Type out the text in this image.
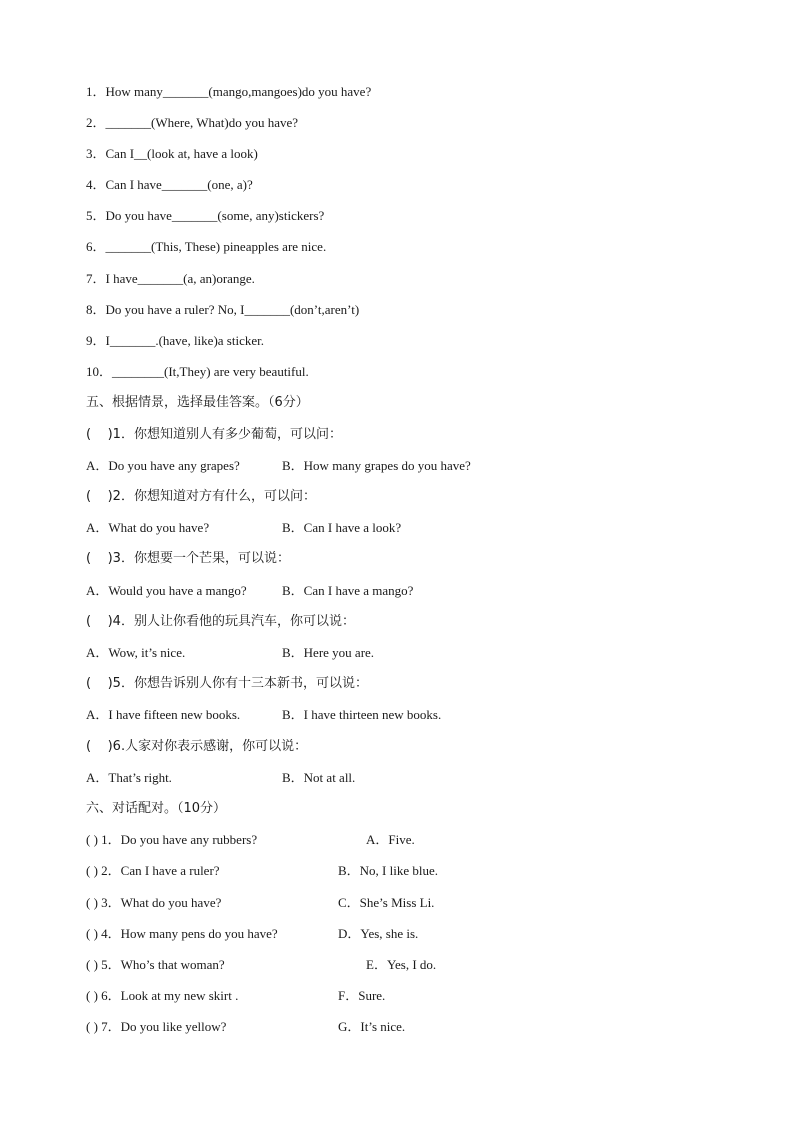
1．How many_______(mango,mangoes)do you have?
2．_______(Where, What)do you have?
3．Can I__(look at, have a look)
4．Can I have_______(one, a)?
5．Do you have_______(some, any)stickers?
6．_______(This, These) pineapples are nice.
7．I have_______(a, an)orange.
8．Do you have a ruler? No, I_______(don’t,aren’t)
9．I_______.(have, like)a sticker.
10．________(It,They) are very beautiful.
五、根据情景，选择最佳答案。（6分）
(    )1．你想知道别人有多少葡萄，可以问：
A．Do you have any grapes?	B．How many grapes do you have?
(    )2．你想知道对方有什么，可以问：
A．What do you have?	B．Can I have a look?
(    )3．你想要一个芒果，可以说：
A．Would you have a mango?	B．Can I have a mango?
(    )4．别人让你看他的玩具汽车，你可以说：
A．Wow, it’s nice.	B．Here you are.
(    )5．你想告诉别人你有十三本新书，可以说：
A．I have fifteen new books.	B．I have thirteen new books.
(    )6.人家对你表示感谢，你可以说：
A．That’s right.	B．Not at all.
六、对话配对。（10分）
( ) 1．Do you have any rubbers?	A．Five.
( ) 2．Can I have a ruler?	B．No, I like blue.
( ) 3．What do you have?	C．She’s Miss Li.
( ) 4．How many pens do you have?	D．Yes, she is.
( ) 5．Who’s that woman?	E．Yes, I do.
( ) 6．Look at my new skirt .	F．Sure.
( ) 7．Do you like yellow?	G．It’s nice.
